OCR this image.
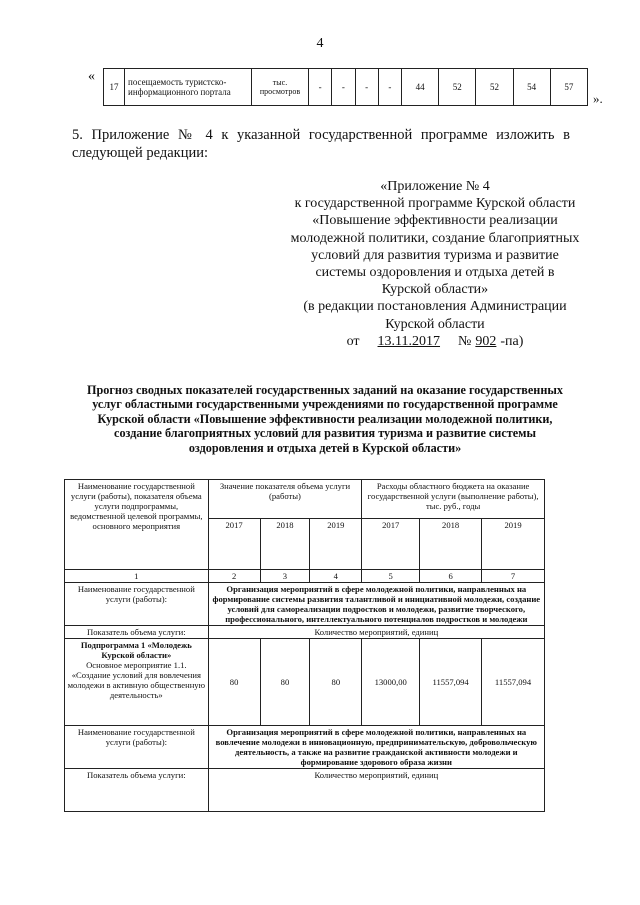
4
«
17	посещаемость туристско-информационного портала	тыс. просмотров	-	-	-	-	44	52	52	54	57
».
5. Приложение № 4 к указанной государственной программе изложить в следующей редакции:
«Приложение № 4
к государственной программе Курской области «Повышение эффективности реализации молодежной политики, создание благоприятных условий для развития туризма и развитие системы оздоровления и отдыха детей в Курской области»
(в редакции постановления Администрации Курской области
от	13.11.2017	№ 902 -па)
Прогноз сводных показателей государственных заданий на оказание государственных услуг областными государственными учреждениями по государственной программе Курской области «Повышение эффективности реализации молодежной политики, создание благоприятных условий для развития туризма и развитие системы оздоровления и отдыха детей в Курской области»
Наименование государственной услуги (работы), показателя объема услуги подпрограммы, ведомственной целевой программы, основного мероприятия	Значение показателя объема услуги (работы)			Расходы областного бюджета на оказание государственной услуги (выполнение работы), тыс. руб., годы		
	2017	2018	2019	2017	2018	2019
1	2	3	4	5	6	7
Наименование государственной услуги (работы):	Организация мероприятий в сфере молодежной политики, направленных на формирование системы развития талантливой и инициативной молодежи, создание условий для самореализации подростков и молодежи, развитие творческого, профессионального, интеллектуального потенциалов подростков и молодежи					
Показатель объема услуги:	Количество мероприятий, единиц					

Подпрограмма 1 «Молодежь Курской области»
Основное мероприятие 1.1. «Создание условий для вовлечения молодежи в активную общественную деятельность»	80	80	80	13000,00	11557,094	11557,094
Наименование государственной услуги (работы):	Организация мероприятий в сфере молодежной политики, направленных на вовлечение молодежи в инновационную, предпринимательскую, добровольческую деятельность, а также на развитие гражданской активности молодежи и формирование здорового образа жизни					
Показатель объема услуги:	Количество мероприятий, единиц					
